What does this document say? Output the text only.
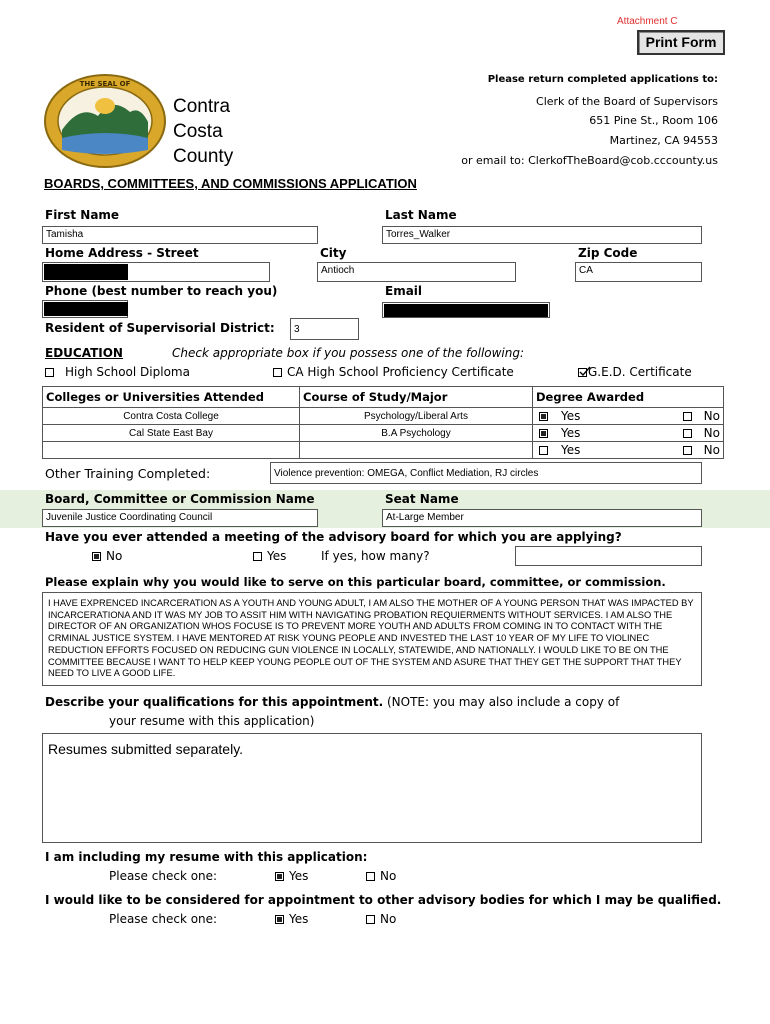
Attachment C
Print Form
THE SEAL OF
Contra
Costa
County
Please return completed applications to:
Clerk of the Board of Supervisors
651 Pine St., Room 106
Martinez, CA 94553
or email to: ClerkofTheBoard@cob.cccounty.us
BOARDS, COMMITTEES, AND COMMISSIONS APPLICATION
First Name
Tamisha
Last Name
Torres_Walker
Home Address - Street	City
Antioch
Zip Code
CA
Phone (best number to reach you)	Email
Resident of Supervisorial District:	3
EDUCATION	Check appropriate box if you possess one of the following:
High School Diploma	CA High School Proficiency Certificate	G.E.D. Certificate
Colleges or Universities Attended	Course of Study/Major	Degree Awarded
Contra Costa College	Psychology/Liberal Arts	Yes No

Cal State East Bay	B.A Psychology	Yes No

		Yes No
Other Training Completed:	Violence prevention: OMEGA, Conflict Mediation, RJ circles
Board, Committee or Commission Name
Juvenile Justice Coordinating Council
Seat Name
At-Large Member
Have you ever attended a meeting of the advisory board for which you are applying?
No	Yes	If yes, how many?
Please explain why you would like to serve on this particular board, committee, or commission.
I HAVE EXPRENCED INCARCERATION AS A YOUTH AND YOUNG ADULT, I AM ALSO THE MOTHER OF A YOUNG PERSON THAT WAS IMPACTED BY INCARCERATIONA AND IT WAS MY JOB TO ASSIT HIM WITH NAVIGATING PROBATION REQUIERMENTS WITHOUT SERVICES. I AM ALSO THE DIRECTOR OF AN ORGANIZATION WHOS FOCUSE IS TO PREVENT MORE YOUTH AND ADULTS FROM COMING IN TO CONTACT WITH THE CRMINAL JUSTICE SYSTEM. I HAVE MENTORED AT RISK YOUNG PEOPLE AND INVESTED THE LAST 10 YEAR OF MY LIFE TO VIOLINEC REDUCTION EFFORTS FOCUSED ON REDUCING GUN VIOLENCE IN LOCALLY, STATEWIDE, AND NATIONALLY. I WOULD LIKE TO BE ON THE COMMITTEE BECAUSE I WANT TO HELP KEEP YOUNG PEOPLE OUT OF THE SYSTEM AND ASURE THAT THEY GET THE SUPPORT THAT THEY NEED TO LIVE A GOOD LIFE.
Describe your qualifications for this appointment. (NOTE: you may also include a copy of
your resume with this application)
Resumes submitted separately.
I am including my resume with this application:
Please check one:	Yes	No
I would like to be considered for appointment to other advisory bodies for which I may be qualified.
Please check one:	Yes	No
